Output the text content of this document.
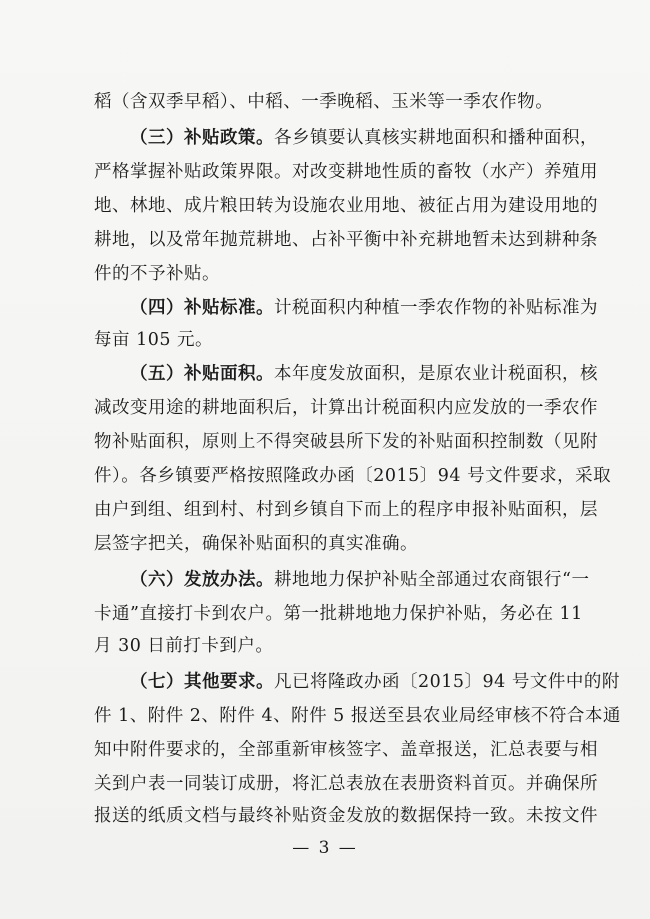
稻（含双季早稻）、中稻、一季晚稻、玉米等一季农作物。
（三）补贴政策。各乡镇要认真核实耕地面积和播种面积，
严格掌握补贴政策界限。对改变耕地性质的畜牧（水产）养殖用
地、林地、成片粮田转为设施农业用地、被征占用为建设用地的
耕地，以及常年抛荒耕地、占补平衡中补充耕地暂未达到耕种条
件的不予补贴。
（四）补贴标准。计税面积内种植一季农作物的补贴标准为
每亩 105 元。
（五）补贴面积。本年度发放面积，是原农业计税面积，核
减改变用途的耕地面积后，计算出计税面积内应发放的一季农作
物补贴面积，原则上不得突破县所下发的补贴面积控制数（见附
件）。各乡镇要严格按照隆政办函〔2015〕94 号文件要求，采取
由户到组、组到村、村到乡镇自下而上的程序申报补贴面积，层
层签字把关，确保补贴面积的真实准确。
（六）发放办法。耕地地力保护补贴全部通过农商银行“一
卡通”直接打卡到农户。第一批耕地地力保护补贴，务必在 11
月 30 日前打卡到户。
（七）其他要求。凡已将隆政办函〔2015〕94 号文件中的附
件 1、附件 2、附件 4、附件 5 报送至县农业局经审核不符合本通
知中附件要求的，全部重新审核签字、盖章报送，汇总表要与相
关到户表一同装订成册，将汇总表放在表册资料首页。并确保所
报送的纸质文档与最终补贴资金发放的数据保持一致。未按文件
— 3 —
